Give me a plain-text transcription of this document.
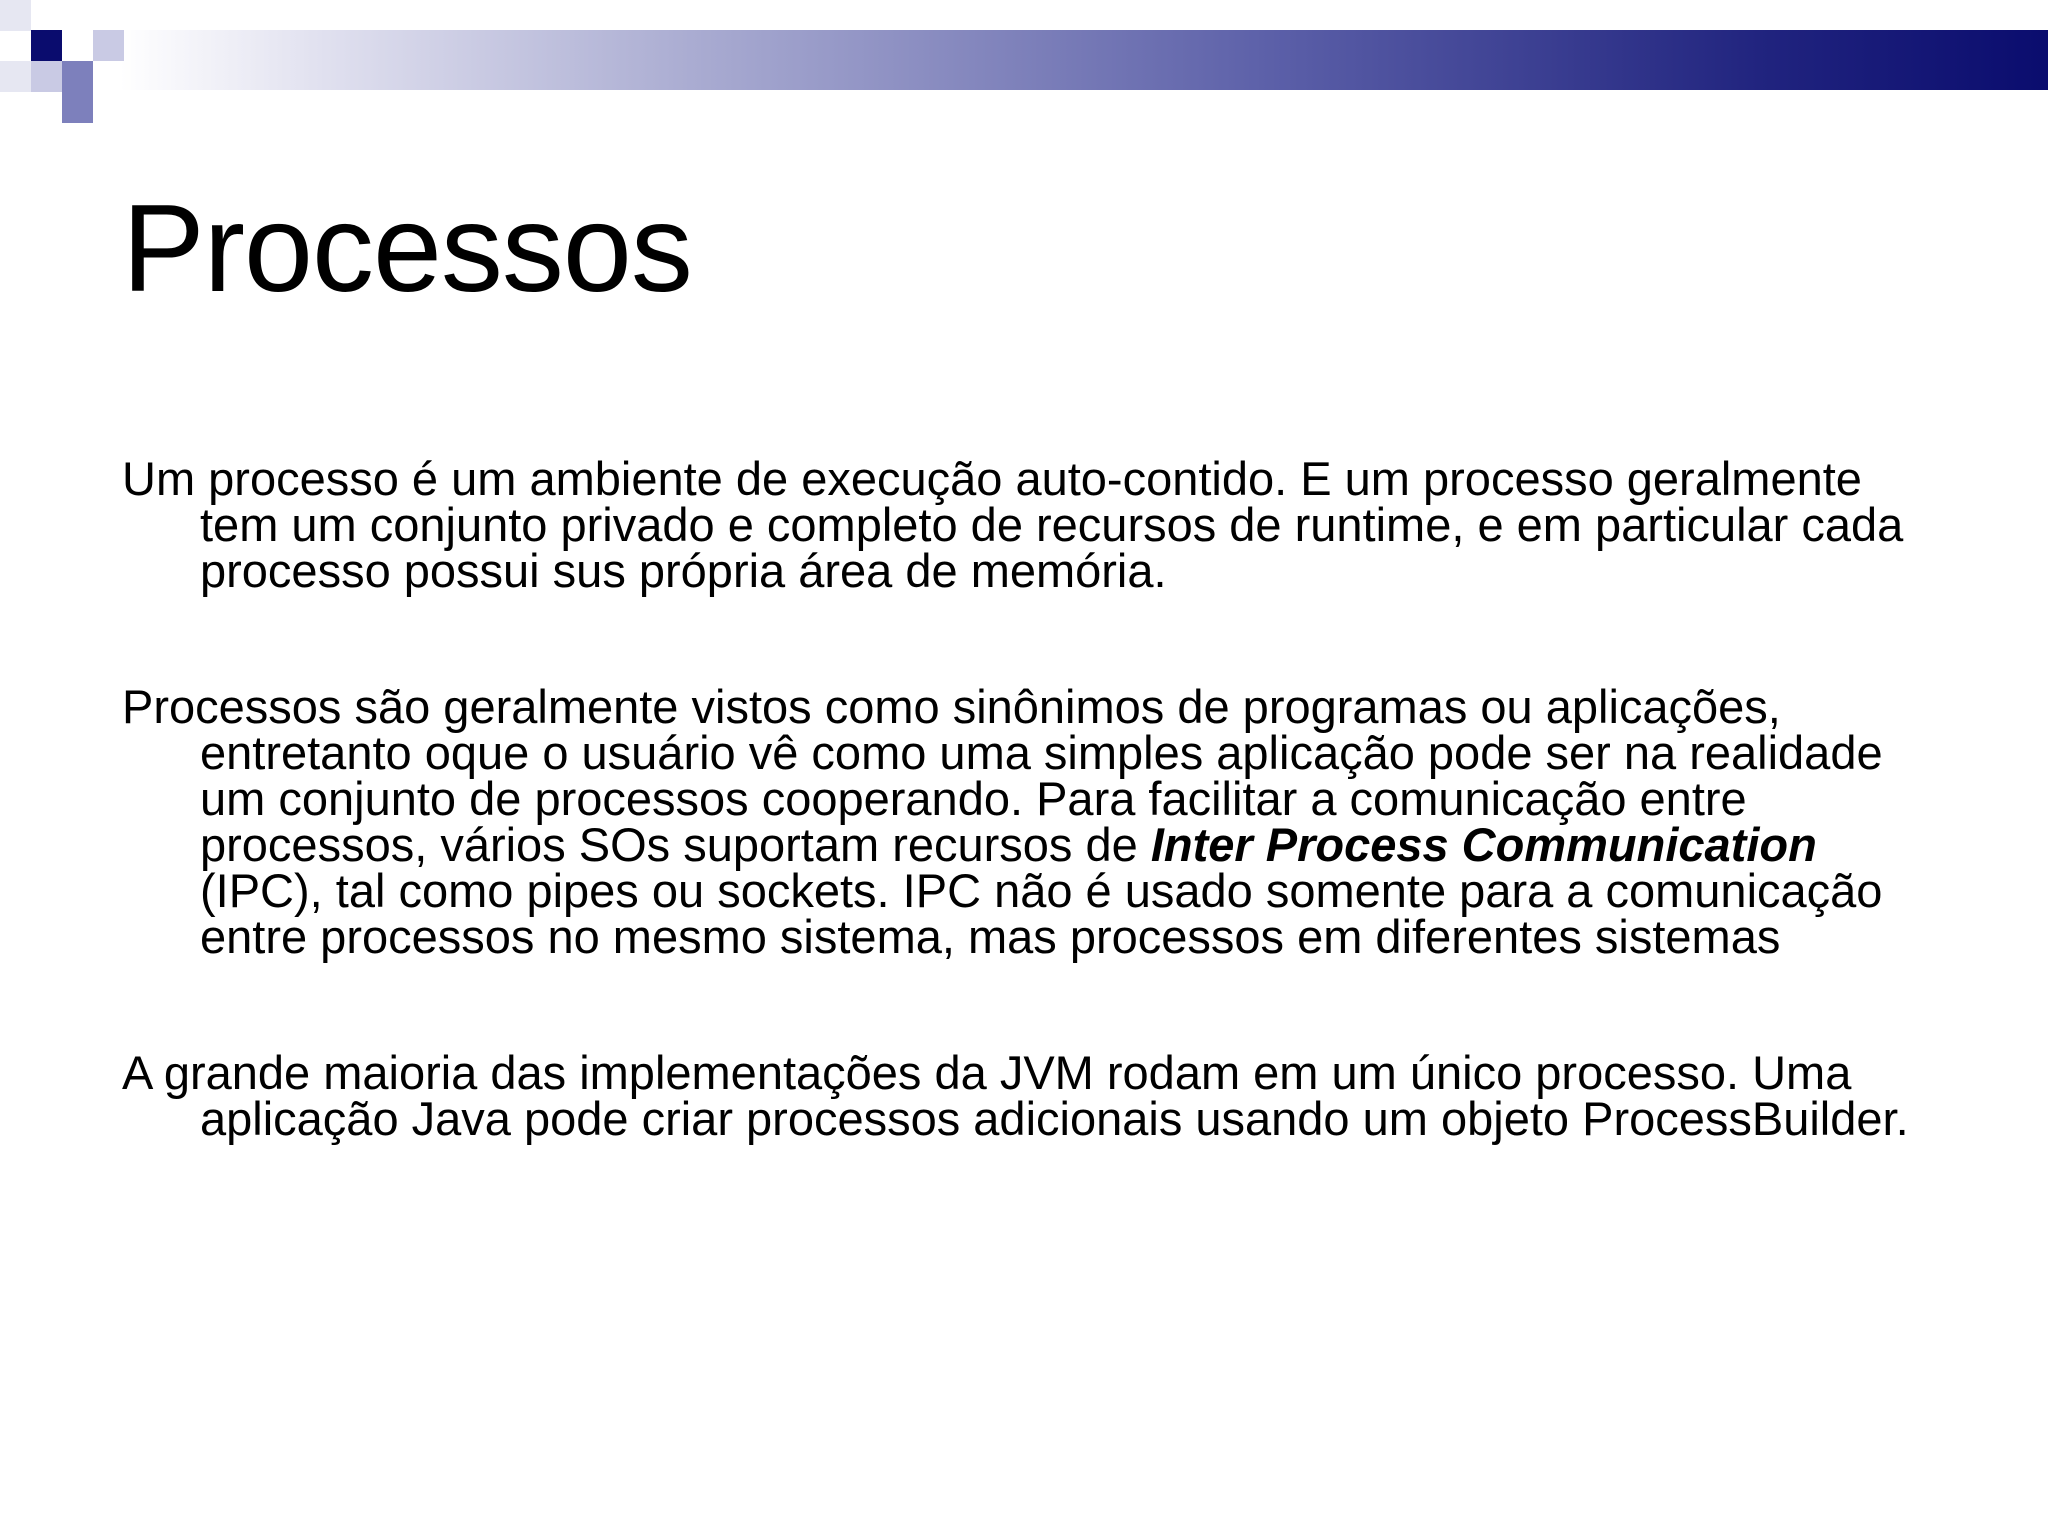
Processos

Um processo é um ambiente de execução auto-contido. E um processo geralmente tem um conjunto privado e completo de recursos de runtime, e em particular cada processo possui sus própria área de memória.

Processos são geralmente vistos como sinônimos de programas ou aplicações, entretanto oque o usuário vê como uma simples aplicação pode ser na realidade um conjunto de processos cooperando. Para facilitar a comunicação entre processos, vários SOs suportam recursos de Inter Process Communication (IPC), tal como pipes ou sockets. IPC não é usado somente para a comunicação entre processos no mesmo sistema, mas processos em diferentes sistemas

A grande maioria das implementações da JVM rodam em um único processo. Uma aplicação Java pode criar processos adicionais usando um objeto ProcessBuilder.
